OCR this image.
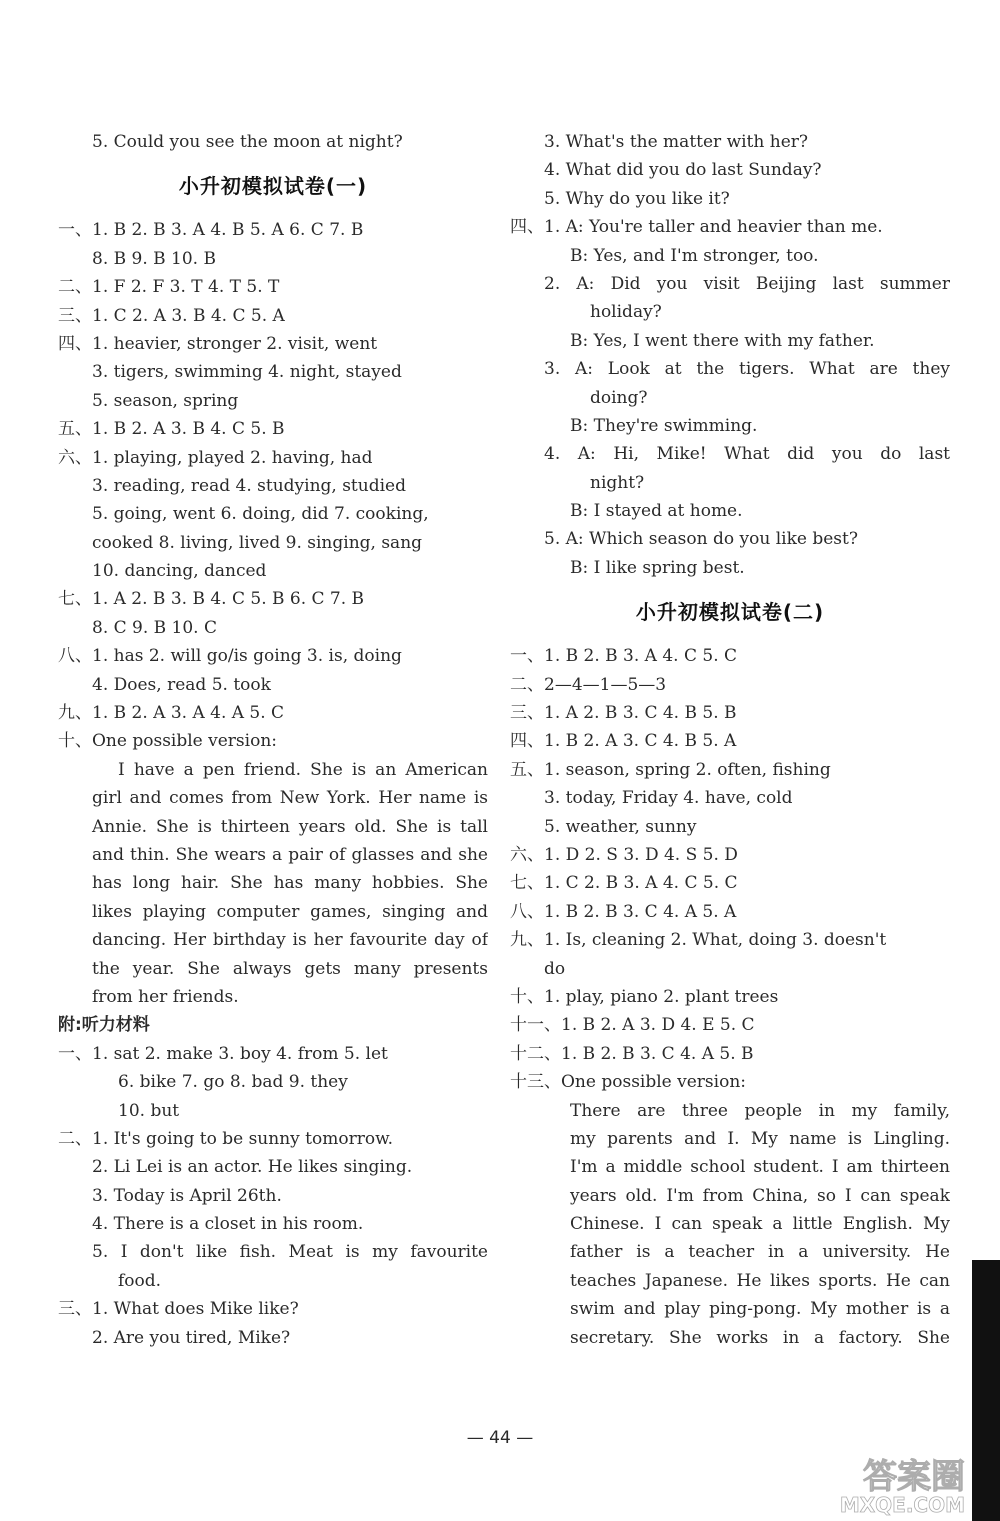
5. Could you see the moon at night?
小升初模拟试卷(一)
一、1. B 2. B 3. A 4. B 5. A 6. C 7. B
8. B 9. B 10. B
二、1. F 2. F 3. T 4. T 5. T
三、1. C 2. A 3. B 4. C 5. A
四、1. heavier, stronger 2. visit, went
3. tigers, swimming 4. night, stayed
5. season, spring
五、1. B 2. A 3. B 4. C 5. B
六、1. playing, played 2. having, had
3. reading, read 4. studying, studied
5. going, went 6. doing, did 7. cooking,
cooked 8. living, lived 9. singing, sang
10. dancing, danced
七、1. A 2. B 3. B 4. C 5. B 6. C 7. B
8. C 9. B 10. C
八、1. has 2. will go/is going 3. is, doing
4. Does, read 5. took
九、1. B 2. A 3. A 4. A 5. C
十、One possible version:
I have a pen friend. She is an American
girl and comes from New York. Her name is
Annie. She is thirteen years old. She is tall
and thin. She wears a pair of glasses and she
has long hair. She has many hobbies. She
likes playing computer games, singing and
dancing. Her birthday is her favourite day of
the year. She always gets many presents
from her friends.
附:听力材料
一、1. sat 2. make 3. boy 4. from 5. let
6. bike 7. go 8. bad 9. they
10. but
二、1. It's going to be sunny tomorrow.
2. Li Lei is an actor. He likes singing.
3. Today is April 26th.
4. There is a closet in his room.
5. I don't like fish. Meat is my favourite
food.
三、1. What does Mike like?
2. Are you tired, Mike?
3. What's the matter with her?
4. What did you do last Sunday?
5. Why do you like it?
四、1. A: You're taller and heavier than me.
B: Yes, and I'm stronger, too.
2. A: Did you visit Beijing last summer
holiday?
B: Yes, I went there with my father.
3. A: Look at the tigers. What are they
doing?
B: They're swimming.
4. A: Hi, Mike! What did you do last
night?
B: I stayed at home.
5. A: Which season do you like best?
B: I like spring best.
小升初模拟试卷(二)
一、1. B 2. B 3. A 4. C 5. C
二、2—4—1—5—3
三、1. A 2. B 3. C 4. B 5. B
四、1. B 2. A 3. C 4. B 5. A
五、1. season, spring 2. often, fishing
3. today, Friday 4. have, cold
5. weather, sunny
六、1. D 2. S 3. D 4. S 5. D
七、1. C 2. B 3. A 4. C 5. C
八、1. B 2. B 3. C 4. A 5. A
九、1. Is, cleaning 2. What, doing 3. doesn't
do
十、1. play, piano 2. plant trees
十一、1. B 2. A 3. D 4. E 5. C
十二、1. B 2. B 3. C 4. A 5. B
十三、One possible version:
There are three people in my family,
my parents and I. My name is Lingling.
I'm a middle school student. I am thirteen
years old. I'm from China, so I can speak
Chinese. I can speak a little English. My
father is a teacher in a university. He
teaches Japanese. He likes sports. He can
swim and play ping-pong. My mother is a
secretary. She works in a factory. She
— 44 —
答案圈
MXQE.COM
